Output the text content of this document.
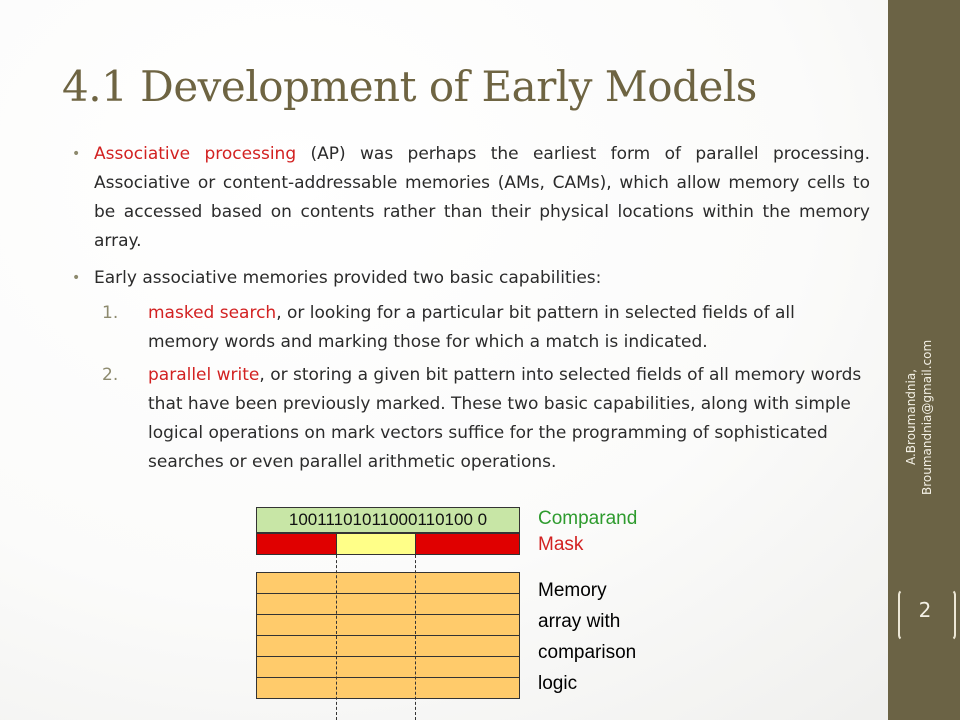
4.1 Development of Early Models

• Associative processing (AP) was perhaps the earliest form of parallel processing. Associative or content-addressable memories (AMs, CAMs), which allow memory cells to be accessed based on contents rather than their physical locations within the memory array.

• Early associative memories provided two basic capabilities:

1. masked search, or looking for a particular bit pattern in selected fields of all memory words and marking those for which a match is indicated.

2. parallel write, or storing a given bit pattern into selected fields of all memory words that have been previously marked. These two basic capabilities, along with simple logical operations on mark vectors suffice for the programming of sophisticated searches or even parallel arithmetic operations.

10011101011000110100 0	Comparand
Mask
Memory
array with
comparison
logic
A.Broumandnia, Broumandnia@gmail.com
2
